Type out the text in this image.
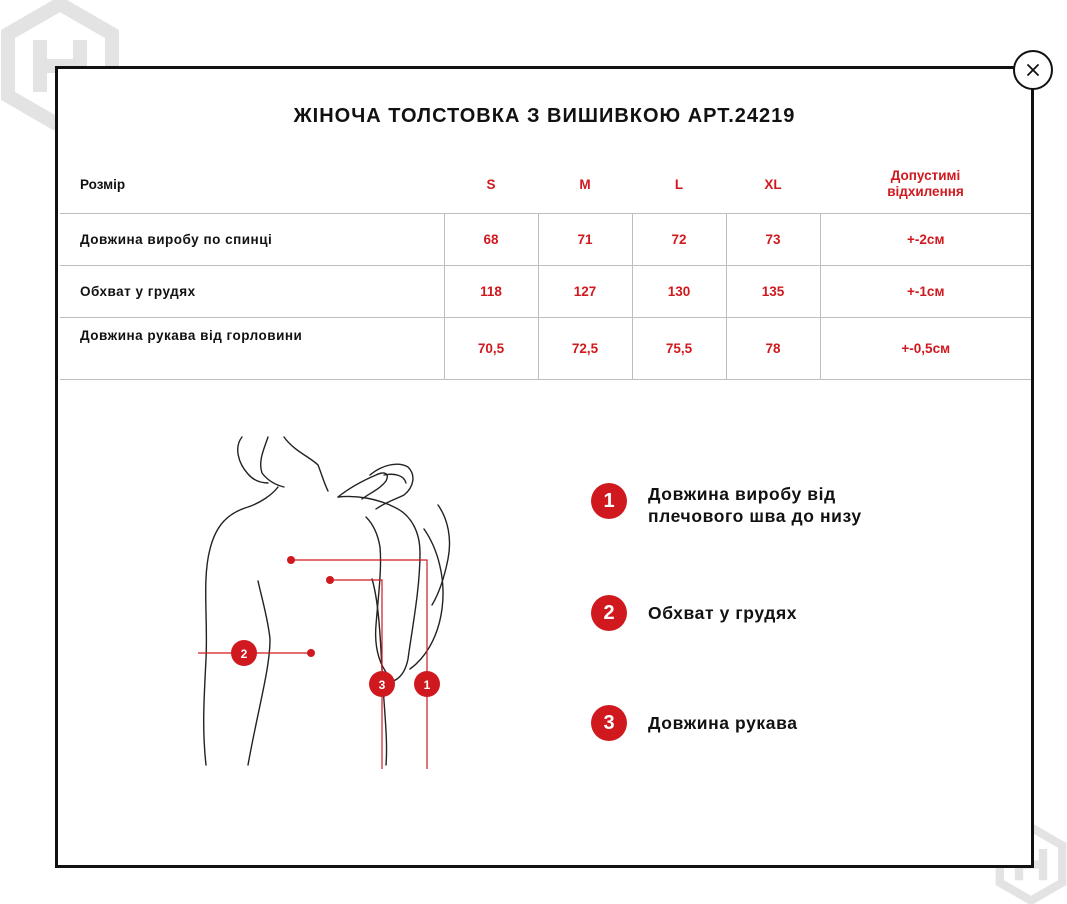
ЖІНОЧА ТОЛСТОВКА З ВИШИВКОЮ АРТ.24219
Розмір	S	M	L	XL	Допустимі
відхилення
Довжина виробу по спинці	68	71	72	73	+-2см
Обхват у грудях	118	127	130	135	+-1см
Довжина рукава від горловини	70,5	72,5	75,5	78	+-0,5см
2
3	1
1	Довжина виробу від
плечового шва до низу
2	Обхват у грудях
3	Довжина рукава
